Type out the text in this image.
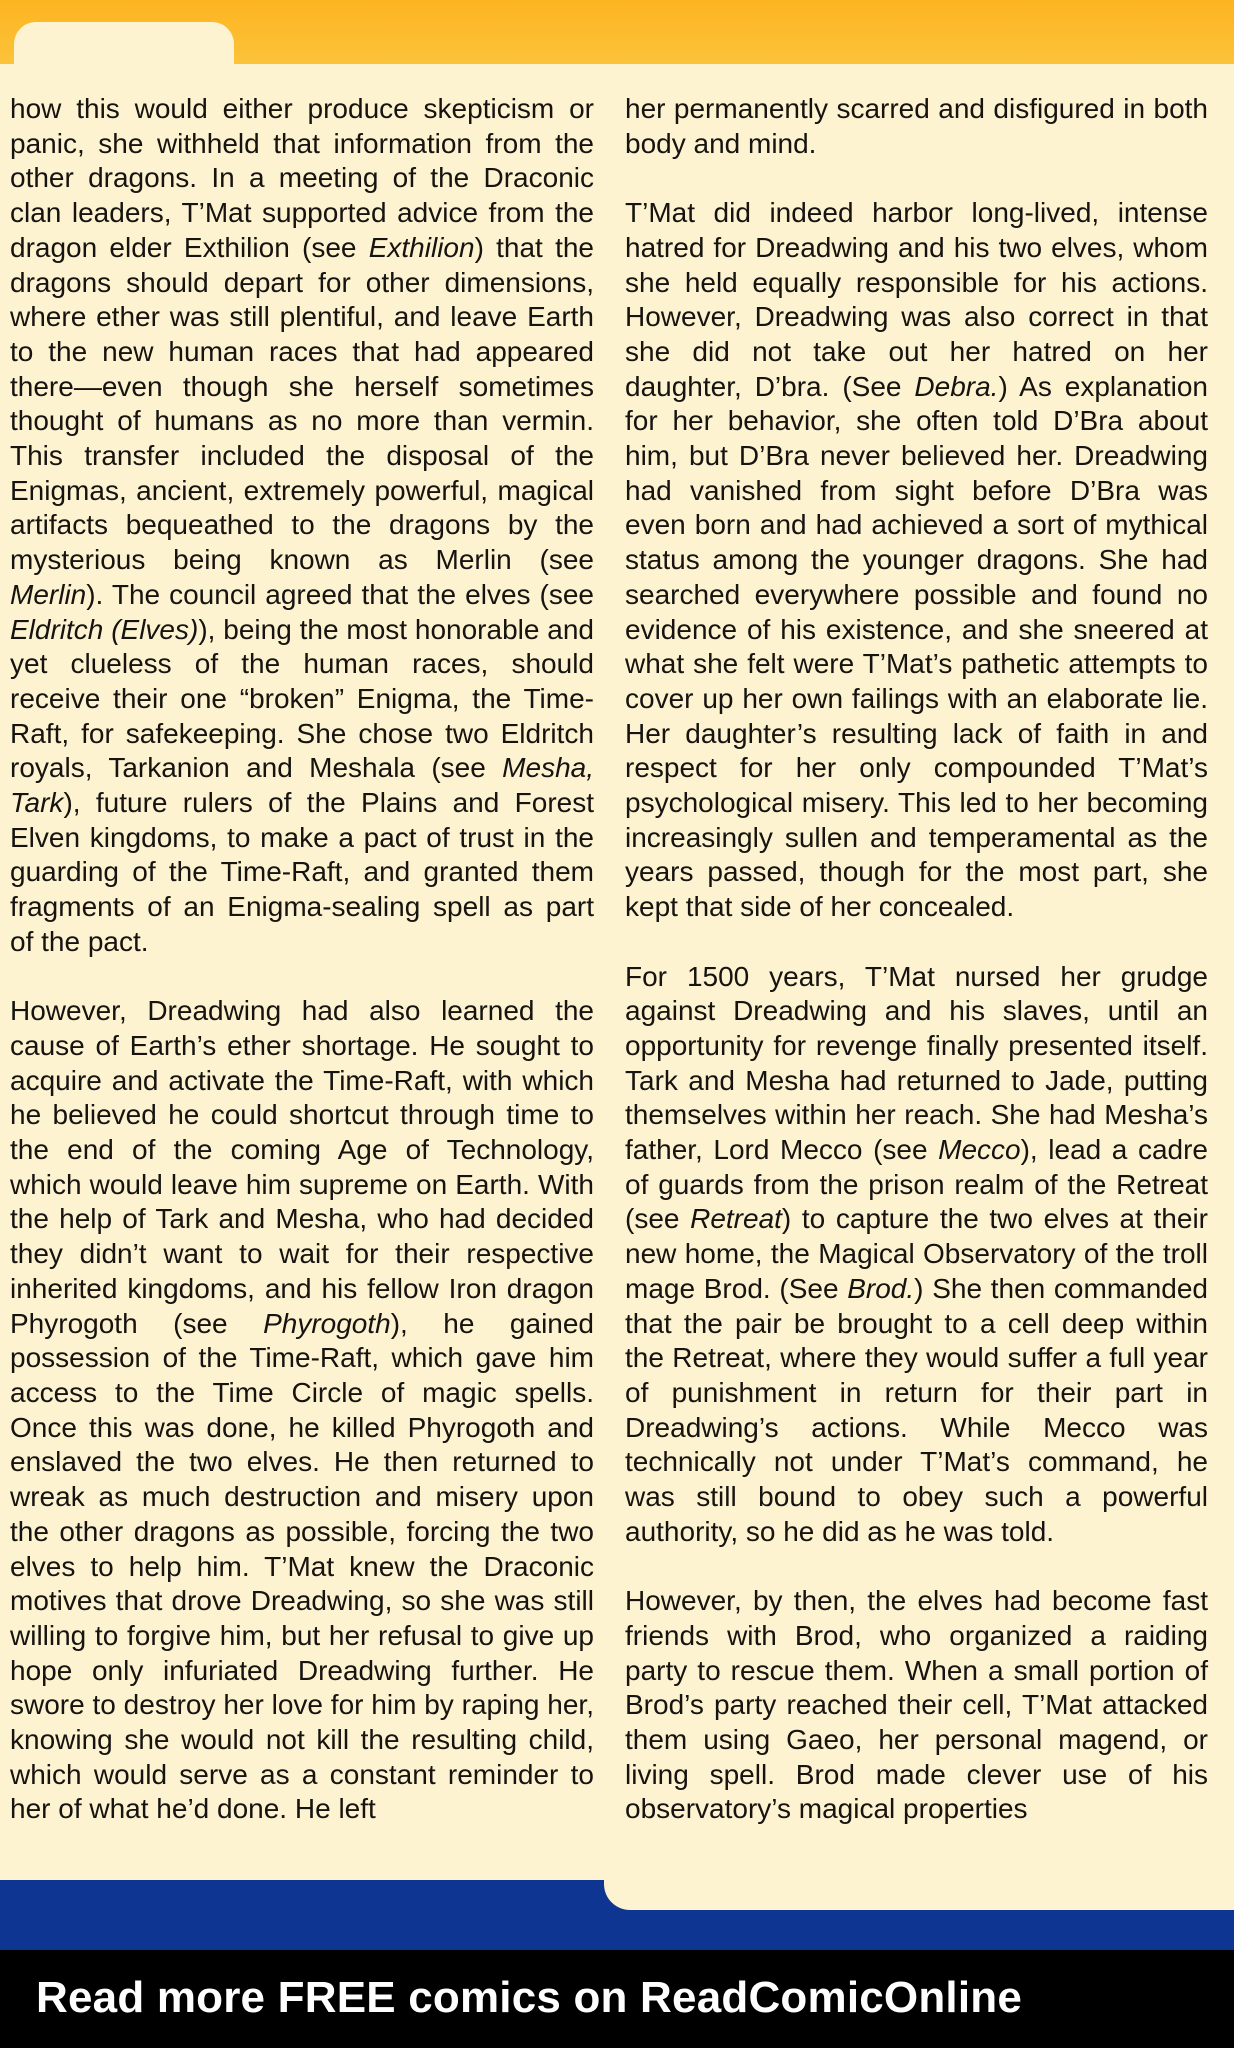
how this would either produce skepticism or panic, she withheld that information from the other dragons. In a meeting of the Draconic clan leaders, T’Mat supported advice from the dragon elder Exthilion (see Exthilion) that the dragons should depart for other dimensions, where ether was still plentiful, and leave Earth to the new human races that had appeared there—even though she herself sometimes thought of humans as no more than vermin. This transfer included the disposal of the Enigmas, ancient, extremely powerful, magical artifacts bequeathed to the dragons by the mysterious being known as Merlin (see Merlin). The council agreed that the elves (see Eldritch (Elves)), being the most honorable and yet clueless of the human races, should receive their one “broken” Enigma, the Time-Raft, for safekeeping. She chose two Eldritch royals, Tarkanion and Meshala (see Mesha, Tark), future rulers of the Plains and Forest Elven kingdoms, to make a pact of trust in the guarding of the Time-Raft, and granted them fragments of an Enigma-sealing spell as part of the pact.

However, Dreadwing had also learned the cause of Earth’s ether shortage. He sought to acquire and activate the Time-Raft, with which he believed he could shortcut through time to the end of the coming Age of Technology, which would leave him supreme on Earth. With the help of Tark and Mesha, who had decided they didn’t want to wait for their respective inherited kingdoms, and his fellow Iron dragon Phyrogoth (see Phyrogoth), he gained possession of the Time-Raft, which gave him access to the Time Circle of magic spells. Once this was done, he killed Phyrogoth and enslaved the two elves. He then returned to wreak as much destruction and misery upon the other dragons as possible, forcing the two elves to help him. T’Mat knew the Draconic motives that drove Dreadwing, so she was still willing to forgive him, but her refusal to give up hope only infuriated Dreadwing further. He swore to destroy her love for him by raping her, knowing she would not kill the resulting child, which would serve as a constant reminder to her of what he’d done. He left

her permanently scarred and disfigured in both body and mind.

T’Mat did indeed harbor long-lived, intense hatred for Dreadwing and his two elves, whom she held equally responsible for his actions. However, Dreadwing was also correct in that she did not take out her hatred on her daughter, D’bra. (See Debra.) As explanation for her behavior, she often told D’Bra about him, but D’Bra never believed her. Dreadwing had vanished from sight before D’Bra was even born and had achieved a sort of mythical status among the younger dragons. She had searched everywhere possible and found no evidence of his existence, and she sneered at what she felt were T’Mat’s pathetic attempts to cover up her own failings with an elaborate lie. Her daughter’s resulting lack of faith in and respect for her only compounded T’Mat’s psychological misery. This led to her becoming increasingly sullen and temperamental as the years passed, though for the most part, she kept that side of her concealed.

For 1500 years, T’Mat nursed her grudge against Dreadwing and his slaves, until an opportunity for revenge finally presented itself. Tark and Mesha had returned to Jade, putting themselves within her reach. She had Mesha’s father, Lord Mecco (see Mecco), lead a cadre of guards from the prison realm of the Retreat (see Retreat) to capture the two elves at their new home, the Magical Observatory of the troll mage Brod. (See Brod.) She then commanded that the pair be brought to a cell deep within the Retreat, where they would suffer a full year of punishment in return for their part in Dreadwing’s actions. While Mecco was technically not under T’Mat’s command, he was still bound to obey such a powerful authority, so he did as he was told.

However, by then, the elves had become fast friends with Brod, who organized a raiding party to rescue them. When a small portion of Brod’s party reached their cell, T’Mat attacked them using Gaeo, her personal magend, or living spell. Brod made clever use of his observatory’s magical properties

Read more FREE comics on ReadComicOnline
